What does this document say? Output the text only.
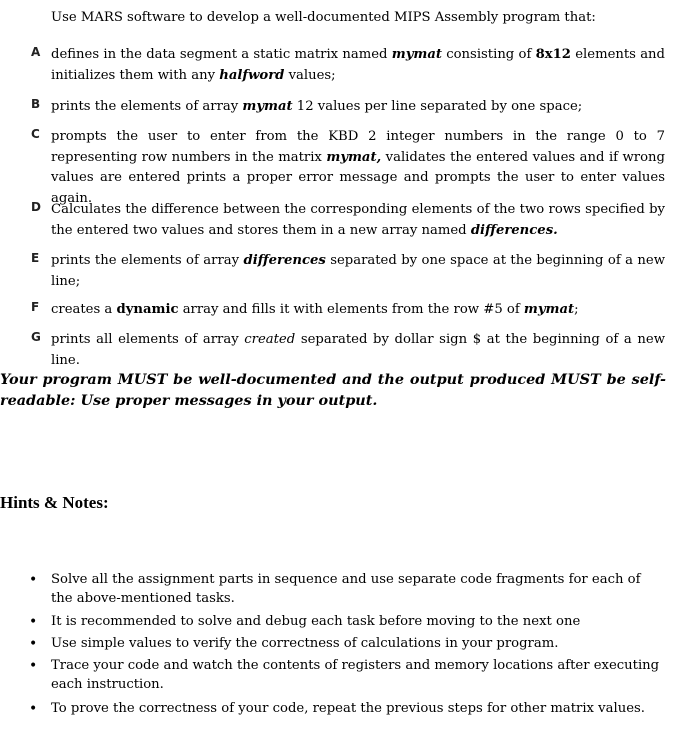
Use MARS software to develop a well-documented MIPS Assembly program that:
A defines in the data segment a static matrix named mymat consisting of 8x12 elements and initializes them with any halfword values;
B prints the elements of array mymat 12 values per line separated by one space;
C prompts the user to enter from the KBD 2 integer numbers in the range 0 to 7 representing row numbers in the matrix mymat, validates the entered values and if wrong values are entered prints a proper error message and prompts the user to enter values again.
D Calculates the difference between the corresponding elements of the two rows specified by the entered two values and stores them in a new array named differences.
E prints the elements of array differences separated by one space at the beginning of a new line;
F creates a dynamic array and fills it with elements from the row #5 of mymat;
G prints all elements of array created separated by dollar sign $ at the beginning of a new line.
Your program MUST be well-documented and the output produced MUST be self-readable: Use proper messages in your output.
Hints & Notes:
• Solve all the assignment parts in sequence and use separate code fragments for each of the above-mentioned tasks.
• It is recommended to solve and debug each task before moving to the next one
• Use simple values to verify the correctness of calculations in your program.
• Trace your code and watch the contents of registers and memory locations after executing each instruction.
• To prove the correctness of your code, repeat the previous steps for other matrix values.
